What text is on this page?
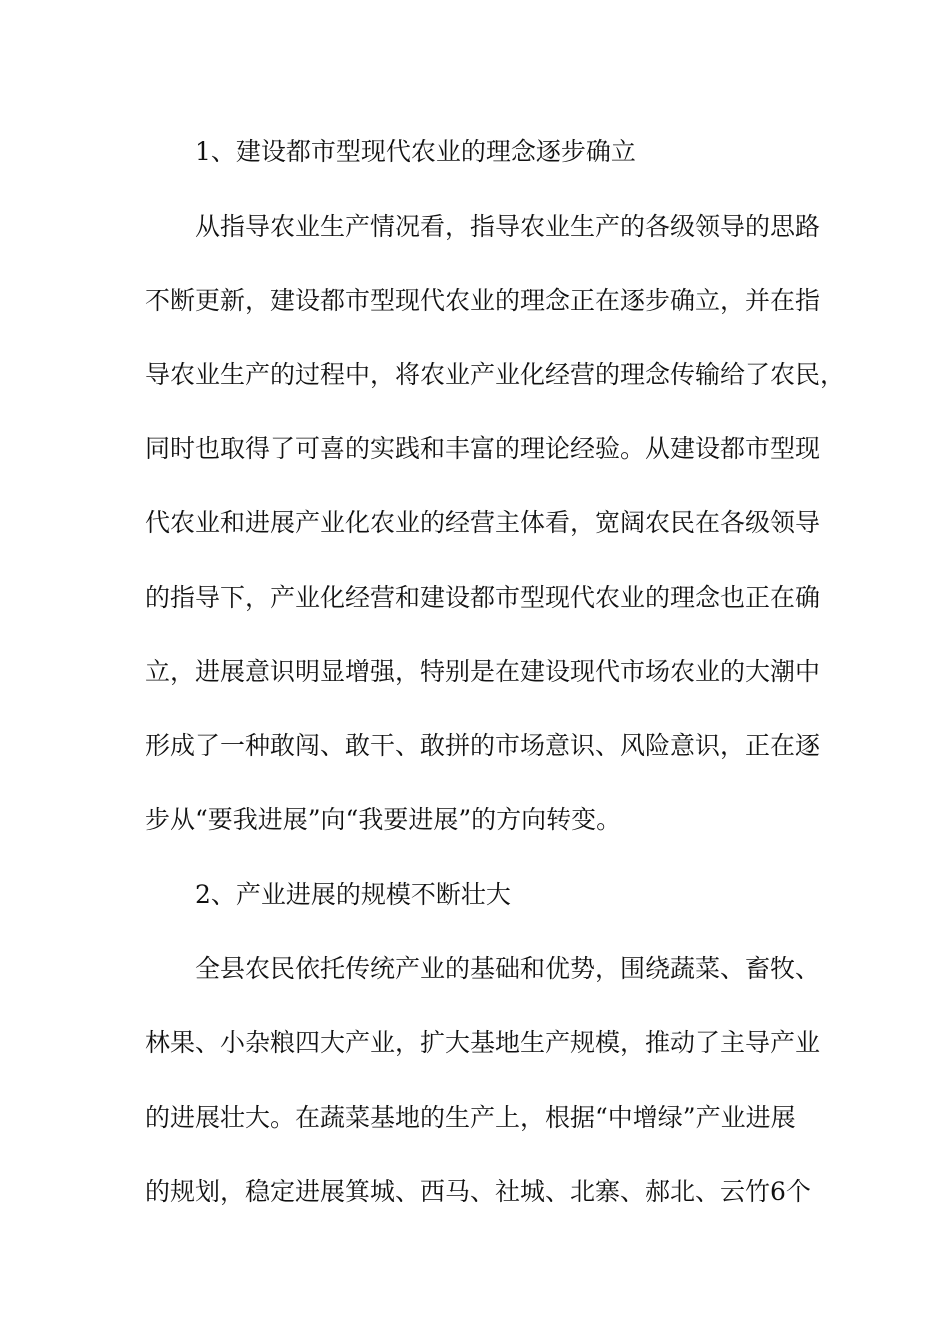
1、建设都市型现代农业的理念逐步确立

从指导农业生产情况看，指导农业生产的各级领导的思路

不断更新，建设都市型现代农业的理念正在逐步确立，并在指

导农业生产的过程中，将农业产业化经营的理念传输给了农民，

同时也取得了可喜的实践和丰富的理论经验。从建设都市型现

代农业和进展产业化农业的经营主体看，宽阔农民在各级领导

的指导下，产业化经营和建设都市型现代农业的理念也正在确

立，进展意识明显增强，特别是在建设现代市场农业的大潮中

形成了一种敢闯、敢干、敢拼的市场意识、风险意识，正在逐

步从“要我进展”向“我要进展”的方向转变。

2、产业进展的规模不断壮大

全县农民依托传统产业的基础和优势，围绕蔬菜、畜牧、

林果、小杂粮四大产业，扩大基地生产规模，推动了主导产业

的进展壮大。在蔬菜基地的生产上，根据“中增绿”产业进展

的规划，稳定进展箕城、西马、社城、北寨、郝北、云竹6个
